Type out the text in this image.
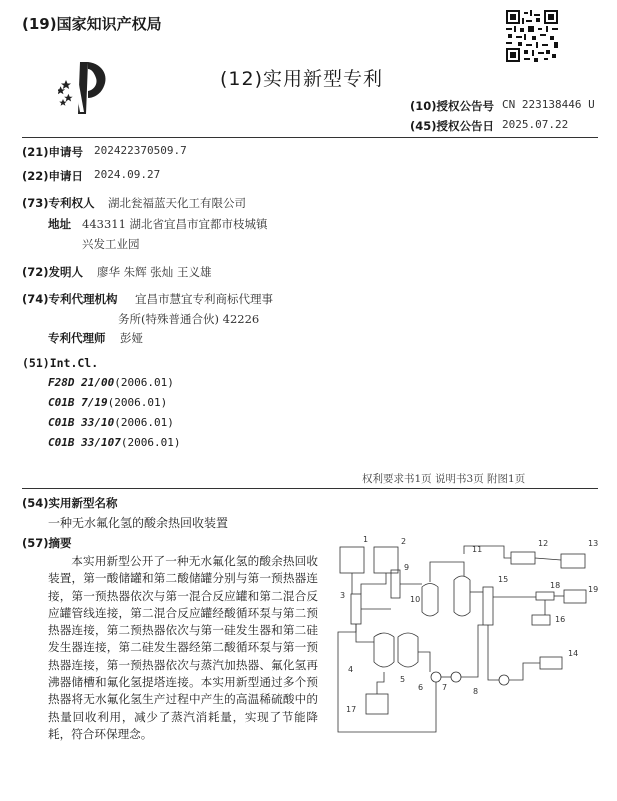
(19)国家知识产权局
(12)实用新型专利
(10)授权公告号 CN 223138446 U
(45)授权公告日 2025.07.22
(21)申请号 202422370509.7
(22)申请日 2024.09.27
(73)专利权人 湖北瓮福蓝天化工有限公司
地址 443311 湖北省宜昌市宜都市枝城镇
兴发工业园
(72)发明人 廖华 朱辉 张灿 王义雄
(74)专利代理机构 宜昌市慧宜专利商标代理事
务所(特殊普通合伙) 42226
专利代理师 彭娅
(51)Int.Cl.
F28D 21/00(2006.01)
C01B 7/19(2006.01)
C01B 33/10(2006.01)
C01B 33/107(2006.01)
权利要求书1页 说明书3页 附图1页
(54)实用新型名称
一种无水氟化氢的酸余热回收装置
(57)摘要
本实用新型公开了一种无水氟化氢的酸余热回收装置，第一酸储罐和第二酸储罐分别与第一预热器连接，第一预热器依次与第一混合反应罐和第二混合反应罐管线连接，第二混合反应罐经酸循环泵与第二预热器连接，第二预热器依次与第一硅发生器和第二硅发生器连接，第二硅发生器经第二酸循环泵与第一预热器连接，第一预热器依次与蒸汽加热器、氟化氢再沸器储槽和氟化氢提塔连接。本实用新型通过多个预热器将无水氟化氢生产过程中产生的高温稀硫酸中的热量回收利用，减少了蒸汽消耗量，实现了节能降耗，符合环保理念。
1	2
3
4
5
6 7	8
9
10
11
12	13
14
15
16
17
18	19
